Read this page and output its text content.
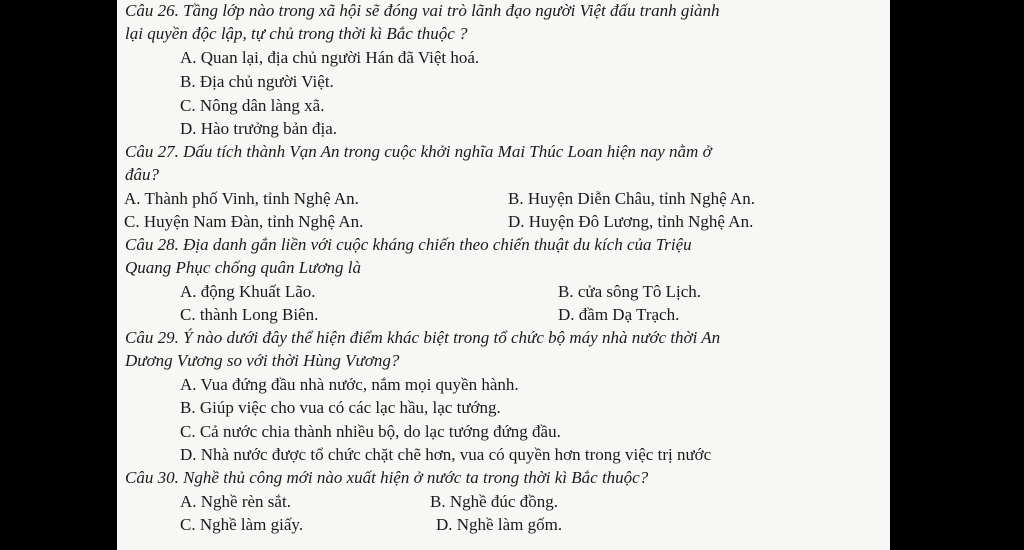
Câu 26. Tầng lớp nào trong xã hội sẽ đóng vai trò lãnh đạo người Việt đấu tranh giành
lại quyền độc lập, tự chủ trong thời kì Bắc thuộc ?
A. Quan lại, địa chủ người Hán đã Việt hoá.
B. Địa chủ người Việt.
C. Nông dân làng xã.
D. Hào trưởng bản địa.
Câu 27. Dấu tích thành Vạn An trong cuộc khởi nghĩa Mai Thúc Loan hiện nay nằm ở
đâu?
A. Thành phố Vinh, tỉnh Nghệ An.	B. Huyện Diễn Châu, tỉnh Nghệ An.
C. Huyện Nam Đàn, tỉnh Nghệ An.	D. Huyện Đô Lương, tỉnh Nghệ An.
Câu 28. Địa danh gắn liền với cuộc kháng chiến theo chiến thuật du kích của Triệu
Quang Phục chống quân Lương là
A. động Khuất Lão.	B. cửa sông Tô Lịch.
C. thành Long Biên.	D. đầm Dạ Trạch.
Câu 29. Ý nào dưới đây thể hiện điểm khác biệt trong tổ chức bộ máy nhà nước thời An
Dương Vương so với thời Hùng Vương?
A. Vua đứng đầu nhà nước, nắm mọi quyền hành.
B. Giúp việc cho vua có các lạc hầu, lạc tướng.
C. Cả nước chia thành nhiều bộ, do lạc tướng đứng đầu.
D. Nhà nước được tổ chức chặt chẽ hơn, vua có quyền hơn trong việc trị nước
Câu 30. Nghề thủ công mới nào xuất hiện ở nước ta trong thời kì Bắc thuộc?
A. Nghề rèn sắt.	B. Nghề đúc đồng.
C. Nghề làm giấy.	D. Nghề làm gốm.
